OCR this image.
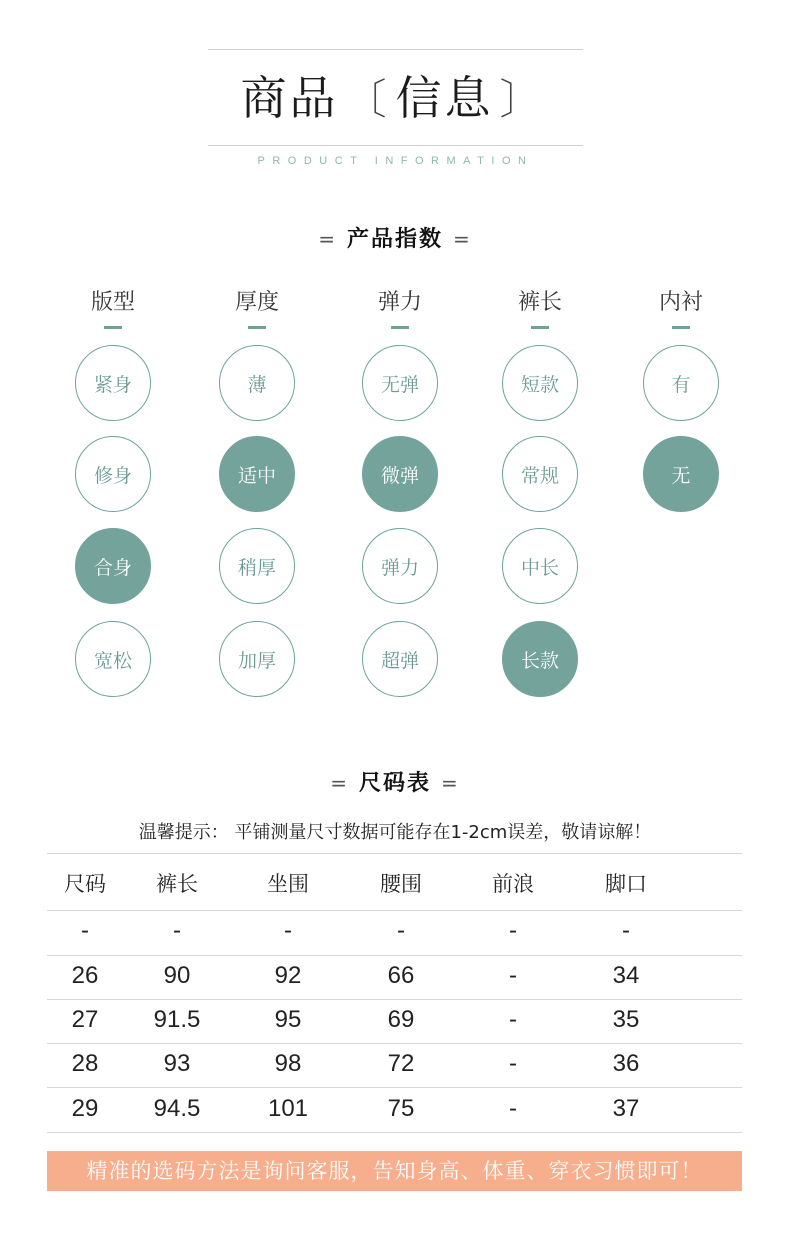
商品 〔 信息 〕
PRODUCT INFORMATION
= 产品指数 =
版型
紧身
修身
合身
宽松
厚度
薄
适中
稍厚
加厚
弹力
无弹
微弹
弹力
超弹
裤长
短款
常规
中长
长款
内衬
有
无
= 尺码表 =
温馨提示： 平铺测量尺寸数据可能存在1-2cm误差，敬请谅解！
尺码	裤长	坐围	腰围	前浪	脚口
-	-	-	-	-	-
26	90	92	66	-	34
27	91.5	95	69	-	35
28	93	98	72	-	36
29	94.5	101	75	-	37
精准的选码方法是询问客服，告知身高、体重、穿衣习惯即可！
